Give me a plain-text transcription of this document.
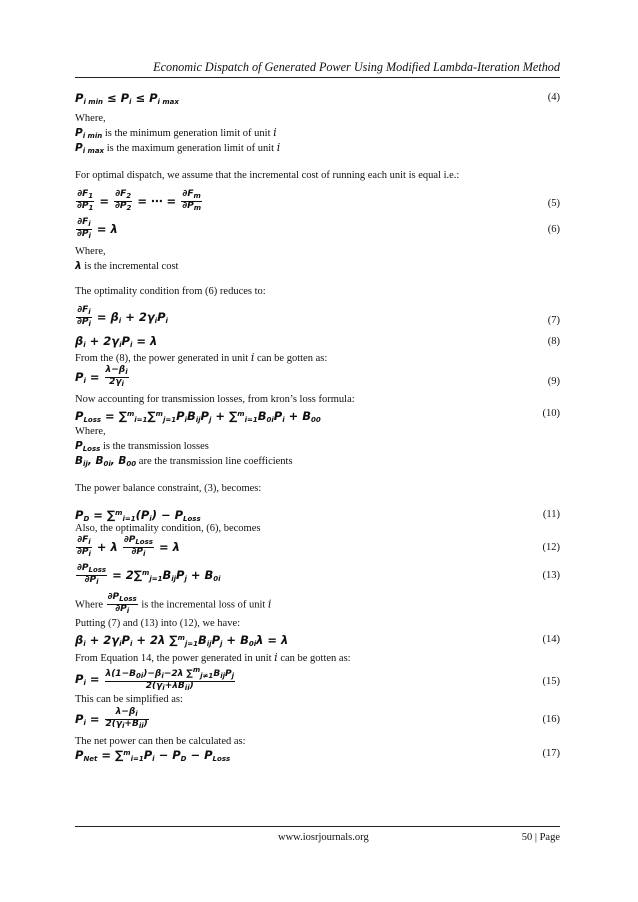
Economic Dispatch of Generated Power Using Modified Lambda-Iteration Method
$P_{i min} \le P_i \le P_{i max}$	(4)
Where,
$P_{i min}$ is the minimum generation limit of unit i
$P_{i max}$ is the maximum generation limit of unit i
For optimal dispatch, we assume that the incremental cost of running each unit is equal i.e.:
$\frac{\partial F_1}{\partial P_1} = \frac{\partial F_2}{\partial P_2}$ = ⋯ = $\frac{\partial F_m}{\partial P_m}$	(5)
$\frac{\partial F_i}{\partial P_i} = \lambda$	(6)
Where,
λ is the incremental cost
The optimality condition from (6) reduces to:
$\frac{\partial F_i}{\partial P_i} = \beta_i + 2\gamma_iP_i$	(7)
$\beta_i + 2\gamma_iP_i = \lambda$	(8)
From the (8), the power generated in unit i can be gotten as:
$P_i = \frac{\lambda-\beta_i}{2\gamma_i}$	(9)
Now accounting for transmission losses, from kron’s loss formula:
$P_{Loss} = \sum^m_{i=1}\sum^m_{j=1}P_iB_{ij}P_j + \sum^m_{i=1}B_{0i}P_i + B_{00}$
(10)
Where,
$P_{Loss}$ is the transmission losses
$B_{ij}$, $B_{0i}$, $B_{00}$ are the transmission line coefficients
The power balance constraint, (3), becomes:
$P_D = \sum^m_{i=1}(P_i) - P_{Loss}$	(11)
Also, the optimality condition, (6), becomes
$\frac{\partial F_i}{\partial P_i} + \lambda \frac{\partial P_{Loss}}{\partial P_i} = \lambda$	(12)
$\frac{\partial P_{Loss}}{\partial P_i} = 2\sum^m_{j=1}B_{ij}P_j + B_{0i}$	(13)
Where $\frac{\partial P_{Loss}}{\partial P_i}$ is the incremental loss of unit i
Putting (7) and (13) into (12), we have:
$\beta_i + 2\gamma_iP_i + 2\lambda$ $\sum^m_{j=1}B_{ij}P_j + B_{0i}\lambda = \lambda$	(14)
From Equation 14, the power generated in unit i can be gotten as:
$P_i = \frac{\lambda(1-B_{0i})-\beta_i-2\lambda \sum^m_{j\ne 1}B_{ij}P_j}{2(\gamma_i+\lambda B_{ii})}$	(15)
This can be simplified as:
$P_i = \frac{\lambda-\beta_i}{2(\gamma_i+B_{ii})}$	(16)
The net power can then be calculated as:
$P_{Net} = \sum^m_{i=1}P_i - P_D - P_{Loss}$	(17)
www.iosrjournals.org	50 | Page
